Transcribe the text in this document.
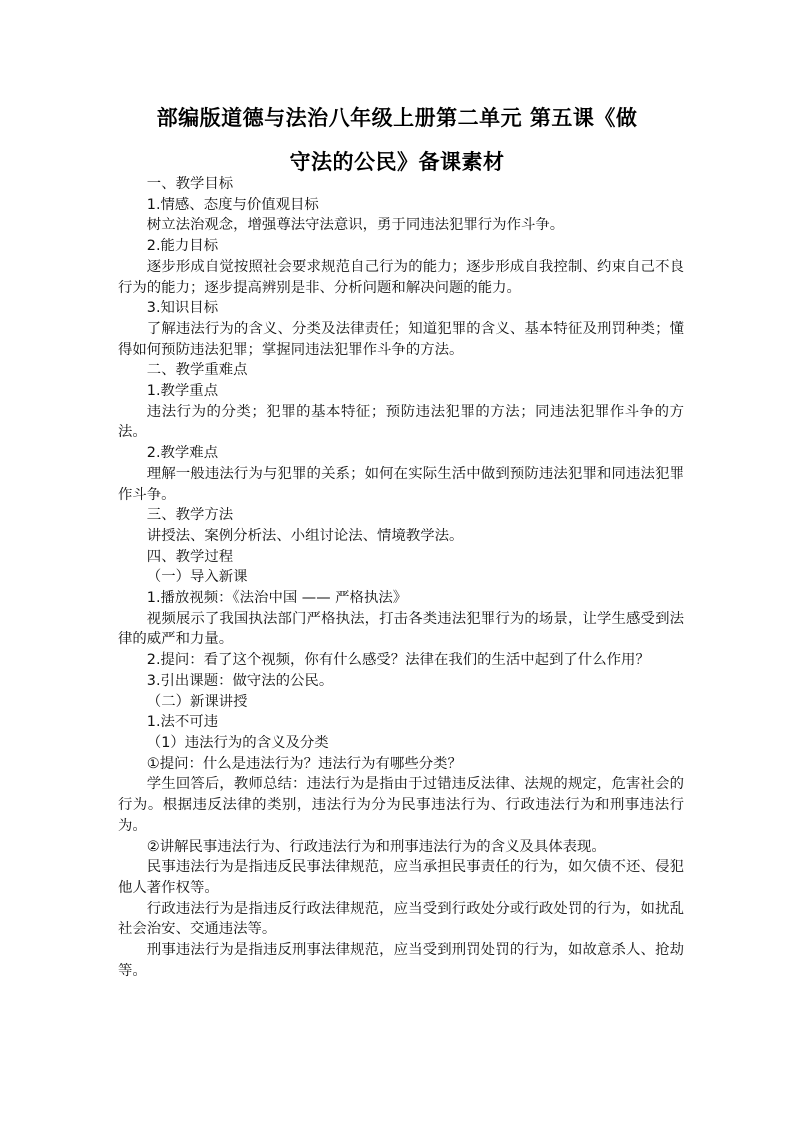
部编版道德与法治八年级上册第二单元 第五课《做
守法的公民》备课素材

一、教学目标

1.情感、态度与价值观目标

树立法治观念，增强尊法守法意识，勇于同违法犯罪行为作斗争。

2.能力目标

逐步形成自觉按照社会要求规范自己行为的能力；逐步形成自我控制、约束自己不良行为的能力；逐步提高辨别是非、分析问题和解决问题的能力。

3.知识目标

了解违法行为的含义、分类及法律责任；知道犯罪的含义、基本特征及刑罚种类；懂得如何预防违法犯罪；掌握同违法犯罪作斗争的方法。

二、教学重难点

1.教学重点

违法行为的分类；犯罪的基本特征；预防违法犯罪的方法；同违法犯罪作斗争的方法。

2.教学难点

理解一般违法行为与犯罪的关系；如何在实际生活中做到预防违法犯罪和同违法犯罪作斗争。

三、教学方法

讲授法、案例分析法、小组讨论法、情境教学法。

四、教学过程

（一）导入新课

1.播放视频：《法治中国 —— 严格执法》

视频展示了我国执法部门严格执法，打击各类违法犯罪行为的场景，让学生感受到法律的威严和力量。

2.提问：看了这个视频，你有什么感受？法律在我们的生活中起到了什么作用？

3.引出课题：做守法的公民。

（二）新课讲授

1.法不可违

（1）违法行为的含义及分类

①提问：什么是违法行为？违法行为有哪些分类？

学生回答后，教师总结：违法行为是指由于过错违反法律、法规的规定，危害社会的行为。根据违反法律的类别，违法行为分为民事违法行为、行政违法行为和刑事违法行为。

②讲解民事违法行为、行政违法行为和刑事违法行为的含义及具体表现。

民事违法行为是指违反民事法律规范，应当承担民事责任的行为，如欠债不还、侵犯他人著作权等。

行政违法行为是指违反行政法律规范，应当受到行政处分或行政处罚的行为，如扰乱社会治安、交通违法等。

刑事违法行为是指违反刑事法律规范，应当受到刑罚处罚的行为，如故意杀人、抢劫等。
